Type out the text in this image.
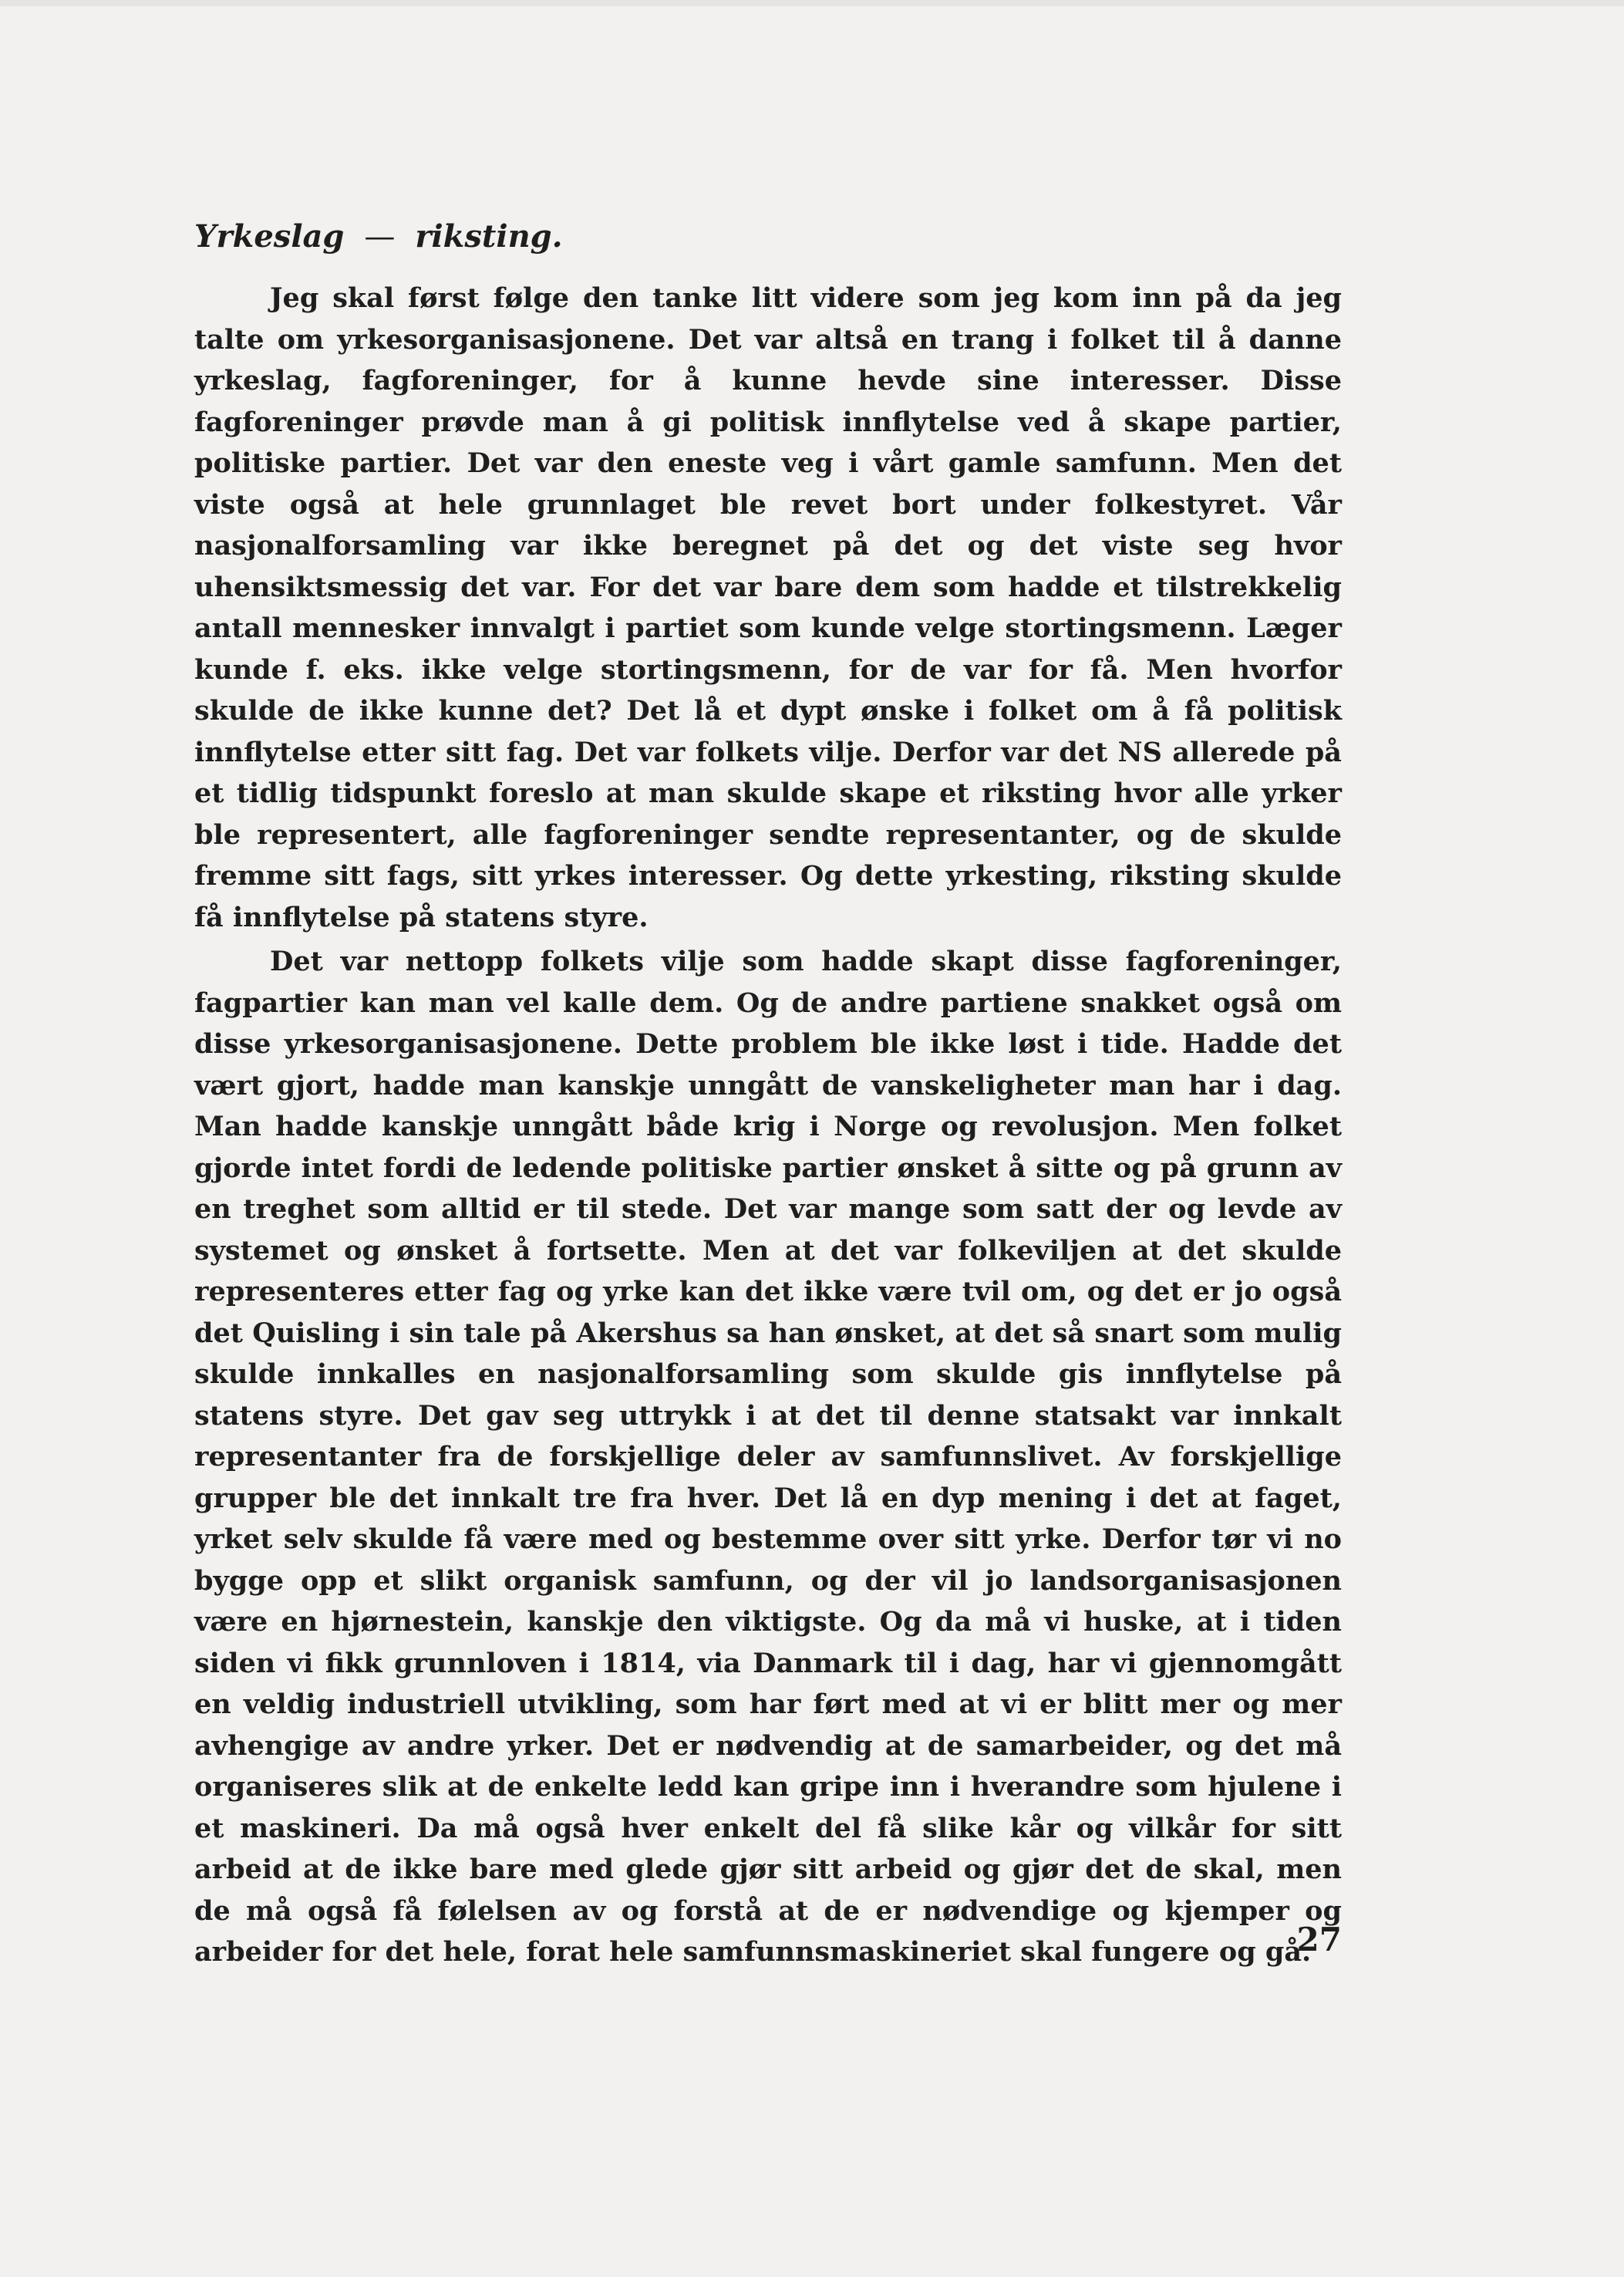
Yrkeslag — riksting.

Jeg skal først følge den tanke litt videre som jeg kom inn på da jeg talte om yrkesorganisasjonene. Det var altså en trang i folket til å danne yrkeslag, fagforeninger, for å kunne hevde sine interesser. Disse fagforeninger prøvde man å gi politisk innflytelse ved å skape partier, politiske partier. Det var den eneste veg i vårt gamle samfunn. Men det viste også at hele grunnlaget ble revet bort under folkestyret. Vår nasjonalforsamling var ikke beregnet på det og det viste seg hvor uhensiktsmessig det var. For det var bare dem som hadde et tilstrekkelig antall mennesker innvalgt i partiet som kunde velge stortingsmenn. Læger kunde f. eks. ikke velge stortingsmenn, for de var for få. Men hvorfor skulde de ikke kunne det? Det lå et dypt ønske i folket om å få politisk innflytelse etter sitt fag. Det var folkets vilje. Derfor var det NS allerede på et tidlig tidspunkt foreslo at man skulde skape et riksting hvor alle yrker ble representert, alle fagforeninger sendte representanter, og de skulde fremme sitt fags, sitt yrkes interesser. Og dette yrkesting, riksting skulde få innflytelse på statens styre.

Det var nettopp folkets vilje som hadde skapt disse fagforeninger, fagpartier kan man vel kalle dem. Og de andre partiene snakket også om disse yrkesorganisasjonene. Dette problem ble ikke løst i tide. Hadde det vært gjort, hadde man kanskje unngått de vanskeligheter man har i dag. Man hadde kanskje unngått både krig i Norge og revolusjon. Men folket gjorde intet fordi de ledende politiske partier ønsket å sitte og på grunn av en treghet som alltid er til stede. Det var mange som satt der og levde av systemet og ønsket å fortsette. Men at det var folkeviljen at det skulde representeres etter fag og yrke kan det ikke være tvil om, og det er jo også det Quisling i sin tale på Akershus sa han ønsket, at det så snart som mulig skulde innkalles en nasjonalforsamling som skulde gis innflytelse på statens styre. Det gav seg uttrykk i at det til denne statsakt var innkalt representanter fra de forskjellige deler av samfunnslivet. Av forskjellige grupper ble det innkalt tre fra hver. Det lå en dyp mening i det at faget, yrket selv skulde få være med og bestemme over sitt yrke. Derfor tør vi no bygge opp et slikt organisk samfunn, og der vil jo landsorganisasjonen være en hjørnestein, kanskje den viktigste. Og da må vi huske, at i tiden siden vi fikk grunnloven i 1814, via Danmark til i dag, har vi gjennomgått en veldig industriell utvikling, som har ført med at vi er blitt mer og mer avhengige av andre yrker. Det er nødvendig at de samarbeider, og det må organiseres slik at de enkelte ledd kan gripe inn i hverandre som hjulene i et maskineri. Da må også hver enkelt del få slike kår og vilkår for sitt arbeid at de ikke bare med glede gjør sitt arbeid og gjør det de skal, men de må også få følelsen av og forstå at de er nødvendige og kjemper og arbeider for det hele, forat hele samfunnsmaskineriet skal fungere og gå.

27
